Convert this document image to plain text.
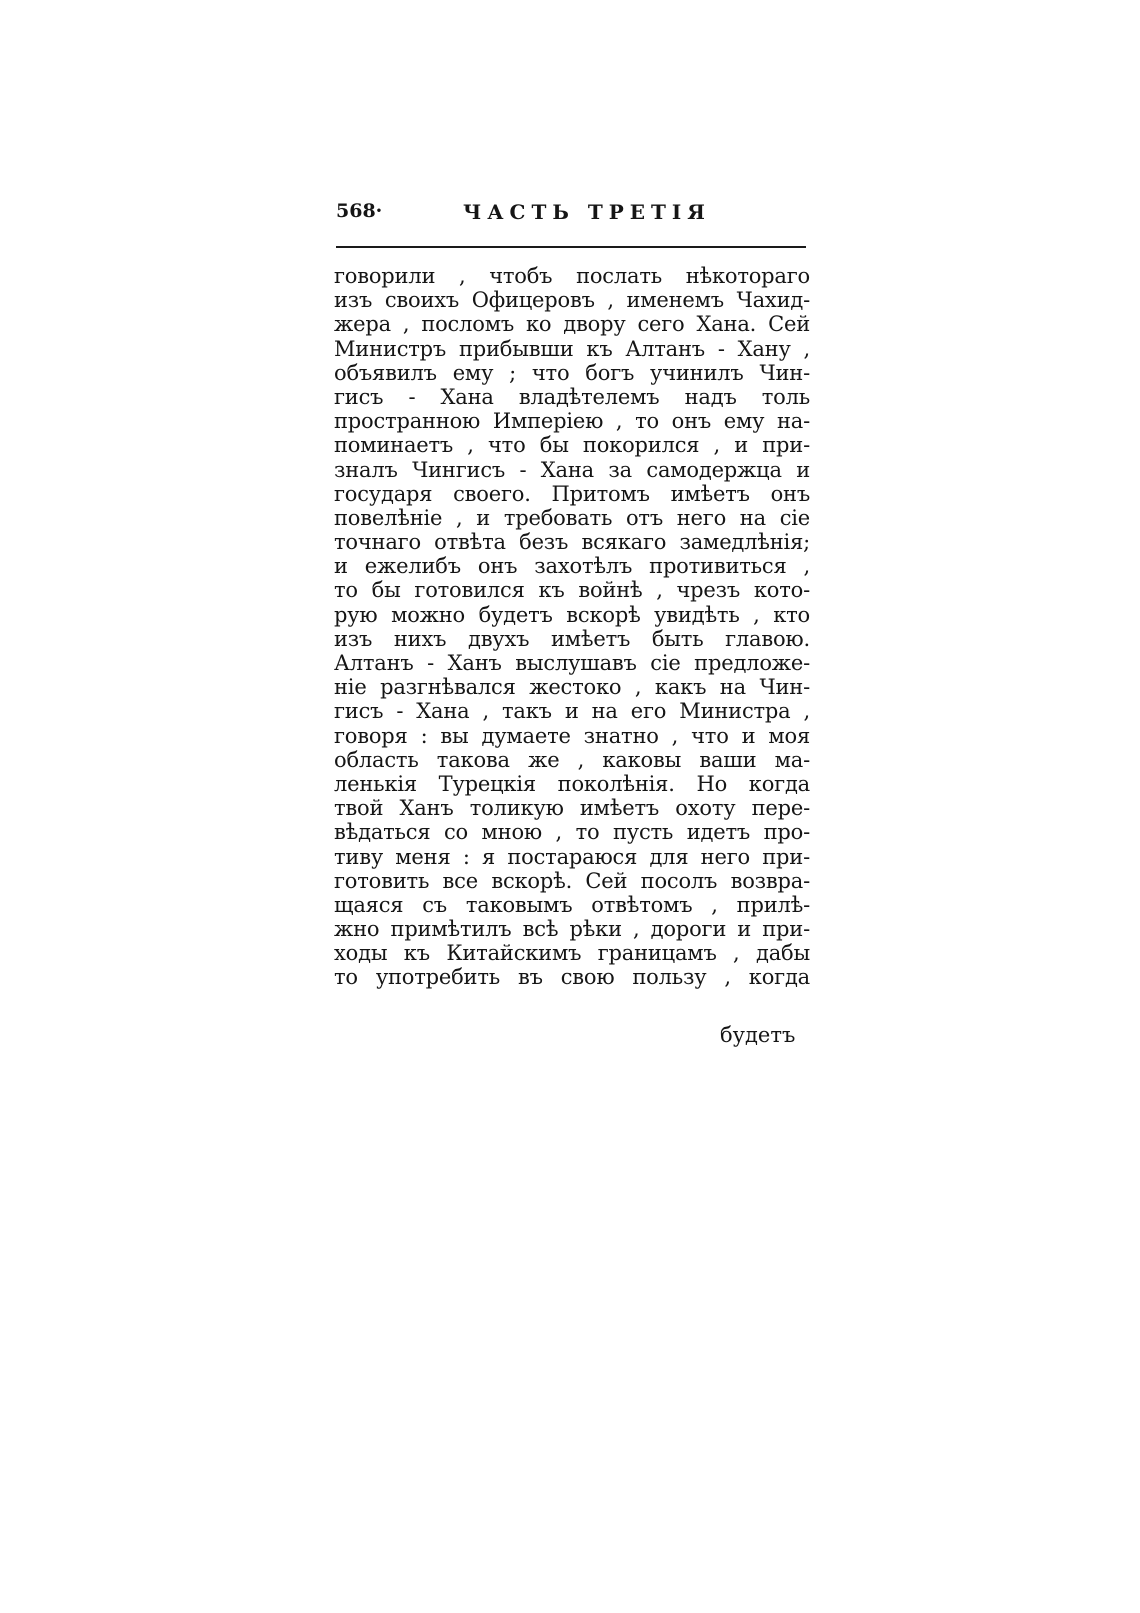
568·	ЧАСТЬ ТРЕТІЯ
говорили , чтобъ послать нѣкотораго
изъ своихъ Офицеровъ , именемъ Чахид-
жера , посломъ ко двору сего Хана. Сей
Министръ прибывши къ Алтанъ - Хану ,
объявилъ ему ; что богъ учинилъ Чин-
гисъ - Хана владѣтелемъ надъ толь
пространною Имперіею , то онъ ему на-
поминаетъ , что бы покорился , и при-
зналъ Чингисъ - Хана за самодержца и
государя своего. Притомъ имѣетъ онъ
повелѣніе , и требовать отъ него на сіе
точнаго отвѣта безъ всякаго замедлѣнія;
и ежелибъ онъ захотѣлъ противиться ,
то бы готовился къ войнѣ , чрезъ кото-
рую можно будетъ вскорѣ увидѣть , кто
изъ нихъ двухъ имѣетъ быть главою.
Алтанъ - Ханъ выслушавъ сіе предложе-
ніе разгнѣвался жестоко , какъ на Чин-
гисъ - Хана , такъ и на его Министра ,
говоря : вы думаете знатно , что и моя
область такова же , каковы ваши ма-
ленькія Турецкія поколѣнія. Но когда
твой Ханъ толикую имѣетъ охоту пере-
вѣдаться со мною , то пусть идетъ про-
тиву меня : я постараюся для него при-
готовить все вскорѣ. Сей посолъ возвра-
щаяся съ таковымъ отвѣтомъ , прилѣ-
жно примѣтилъ всѣ рѣки , дороги и при-
ходы къ Китайскимъ границамъ , дабы
то употребить въ свою пользу , когда
будетъ
